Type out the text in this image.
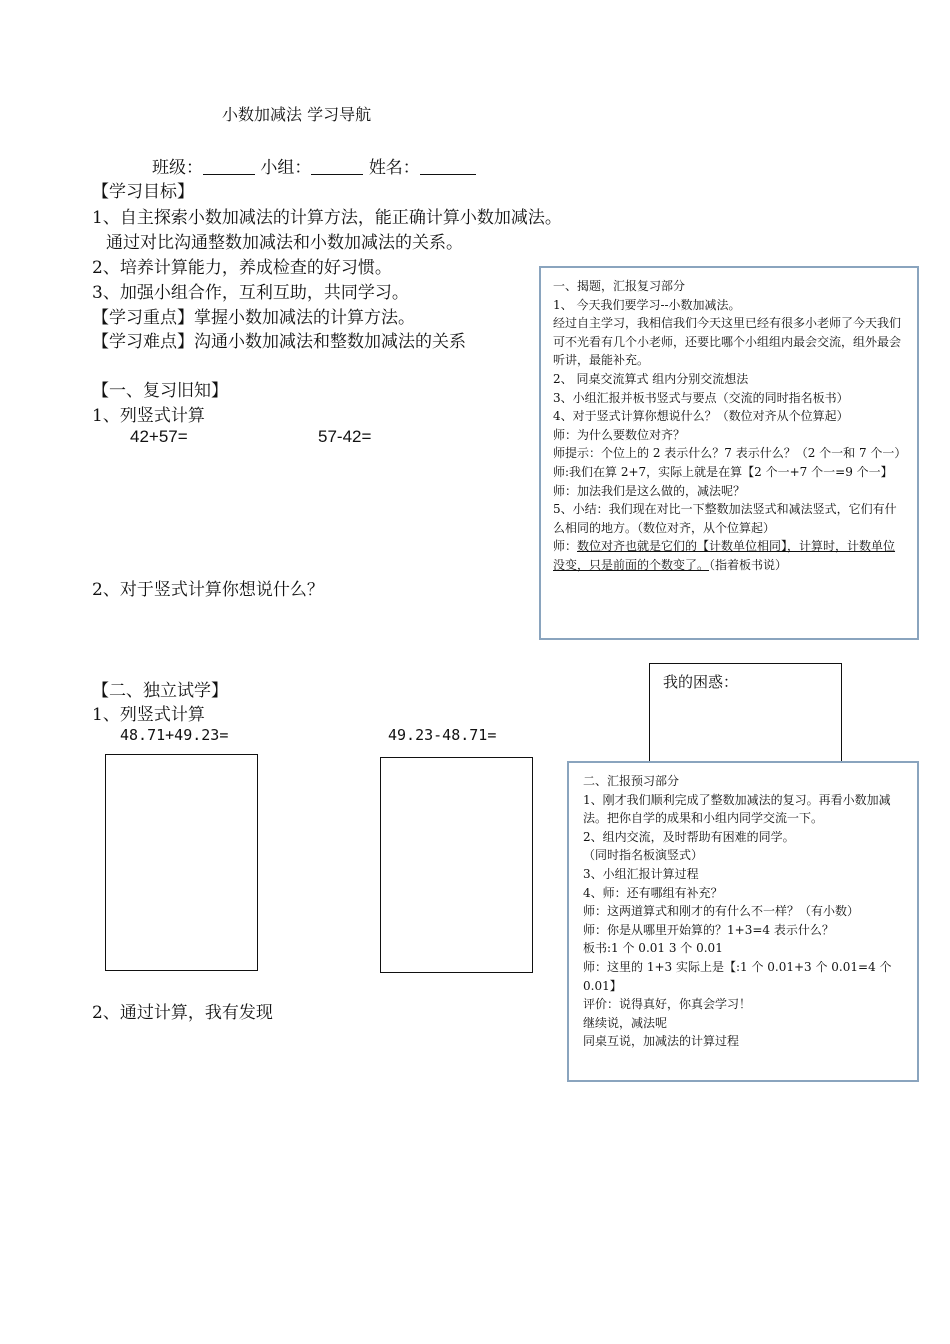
小数加减法 学习导航
班级：	小组：	姓名：
【学习目标】
1、自主探索小数加减法的计算方法，能正确计算小数加减法。
通过对比沟通整数加减法和小数加减法的关系。
2、培养计算能力，养成检查的好习惯。
3、加强小组合作，互利互助，共同学习。
【学习重点】掌握小数加减法的计算方法。
【学习难点】沟通小数加减法和整数加减法的关系
【一、复习旧知】
1、列竖式计算
42+57=	57-42=
2、对于竖式计算你想说什么？

一、揭题，汇报复习部分

1、 今天我们要学习--小数加减法。

经过自主学习，我相信我们今天这里已经有很多小老师了今天我们可不光看有几个小老师，还要比哪个小组组内最会交流，组外最会听讲，最能补充。

2、 同桌交流算式 组内分别交流想法

3、小组汇报并板书竖式与要点（交流的同时指名板书）

4、对于竖式计算你想说什么？（数位对齐从个位算起）

师：为什么要数位对齐？

师提示：个位上的 2 表示什么？7 表示什么？（2 个一和 7 个一）

师:我们在算 2+7，实际上就是在算【2 个一+7 个一=9 个一】

师：加法我们是这么做的，减法呢？

5、小结：我们现在对比一下整数加法竖式和减法竖式，它们有什么相同的地方。（数位对齐，从个位算起）

师：数位对齐也就是它们的【计数单位相同】，计算时，计数单位没变，只是前面的个数变了。（指着板书说）

我的困惑：
【二、独立试学】
1、列竖式计算
48.71+49.23=	49.23-48.71=
2、通过计算，我有发现

二、汇报预习部分

1、刚才我们顺利完成了整数加减法的复习。再看小数加减法。把你自学的成果和小组内同学交流一下。

2、组内交流，及时帮助有困难的同学。

（同时指名板演竖式）

3、小组汇报计算过程

4、师：还有哪组有补充？

师：这两道算式和刚才的有什么不一样？（有小数）

师：你是从哪里开始算的？1+3=4 表示什么？

板书:1 个 0.01 3 个 0.01

师：这里的 1+3 实际上是【:1 个 0.01+3 个 0.01=4 个 0.01】

评价：说得真好，你真会学习！

继续说，减法呢

同桌互说，加减法的计算过程
